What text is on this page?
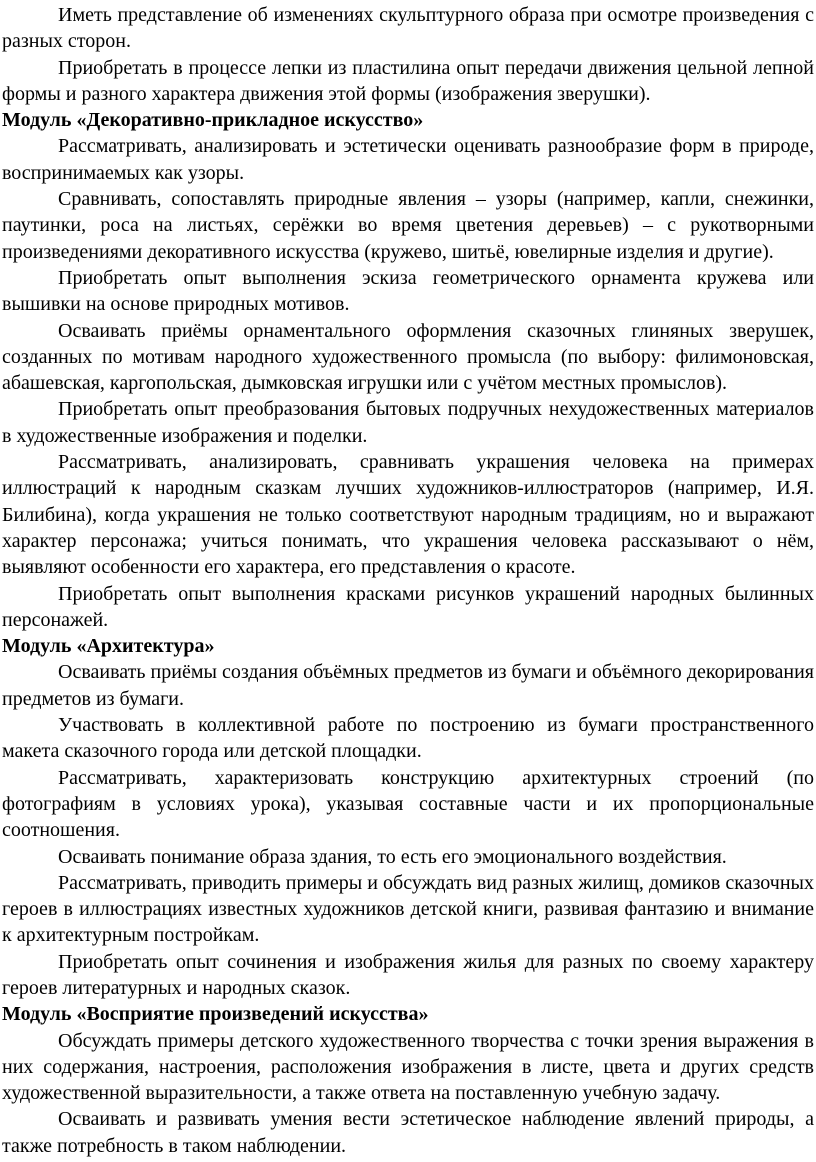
Иметь представление об изменениях скульптурного образа при осмотре произведения с разных сторон.

Приобретать в процессе лепки из пластилина опыт передачи движения цельной лепной формы и разного характера движения этой формы (изображения зверушки).

Модуль «Декоративно-прикладное искусство»

Рассматривать, анализировать и эстетически оценивать разнообразие форм в природе, воспринимаемых как узоры.

Сравнивать, сопоставлять природные явления – узоры (например, капли, снежинки, паутинки, роса на листьях, серёжки во время цветения деревьев) – с рукотворными произведениями декоративного искусства (кружево, шитьё, ювелирные изделия и другие).

Приобретать опыт выполнения эскиза геометрического орнамента кружева или вышивки на основе природных мотивов.

Осваивать приёмы орнаментального оформления сказочных глиняных зверушек, созданных по мотивам народного художественного промысла (по выбору: филимоновская, абашевская, каргопольская, дымковская игрушки или с учётом местных промыслов).

Приобретать опыт преобразования бытовых подручных нехудожественных материалов в художественные изображения и поделки.

Рассматривать, анализировать, сравнивать украшения человека на примерах иллюстраций к народным сказкам лучших художников-иллюстраторов (например, И.Я. Билибина), когда украшения не только соответствуют народным традициям, но и выражают характер персонажа; учиться понимать, что украшения человека рассказывают о нём, выявляют особенности его характера, его представления о красоте.

Приобретать опыт выполнения красками рисунков украшений народных былинных персонажей.

Модуль «Архитектура»

Осваивать приёмы создания объёмных предметов из бумаги и объёмного декорирования предметов из бумаги.

Участвовать в коллективной работе по построению из бумаги пространственного макета сказочного города или детской площадки.

Рассматривать, характеризовать конструкцию архитектурных строений (по фотографиям в условиях урока), указывая составные части и их пропорциональные соотношения.

Осваивать понимание образа здания, то есть его эмоционального воздействия.

Рассматривать, приводить примеры и обсуждать вид разных жилищ, домиков сказочных героев в иллюстрациях известных художников детской книги, развивая фантазию и внимание к архитектурным постройкам.

Приобретать опыт сочинения и изображения жилья для разных по своему характеру героев литературных и народных сказок.

Модуль «Восприятие произведений искусства»

Обсуждать примеры детского художественного творчества с точки зрения выражения в них содержания, настроения, расположения изображения в листе, цвета и других средств художественной выразительности, а также ответа на поставленную учебную задачу.

Осваивать и развивать умения вести эстетическое наблюдение явлений природы, а также потребность в таком наблюдении.
